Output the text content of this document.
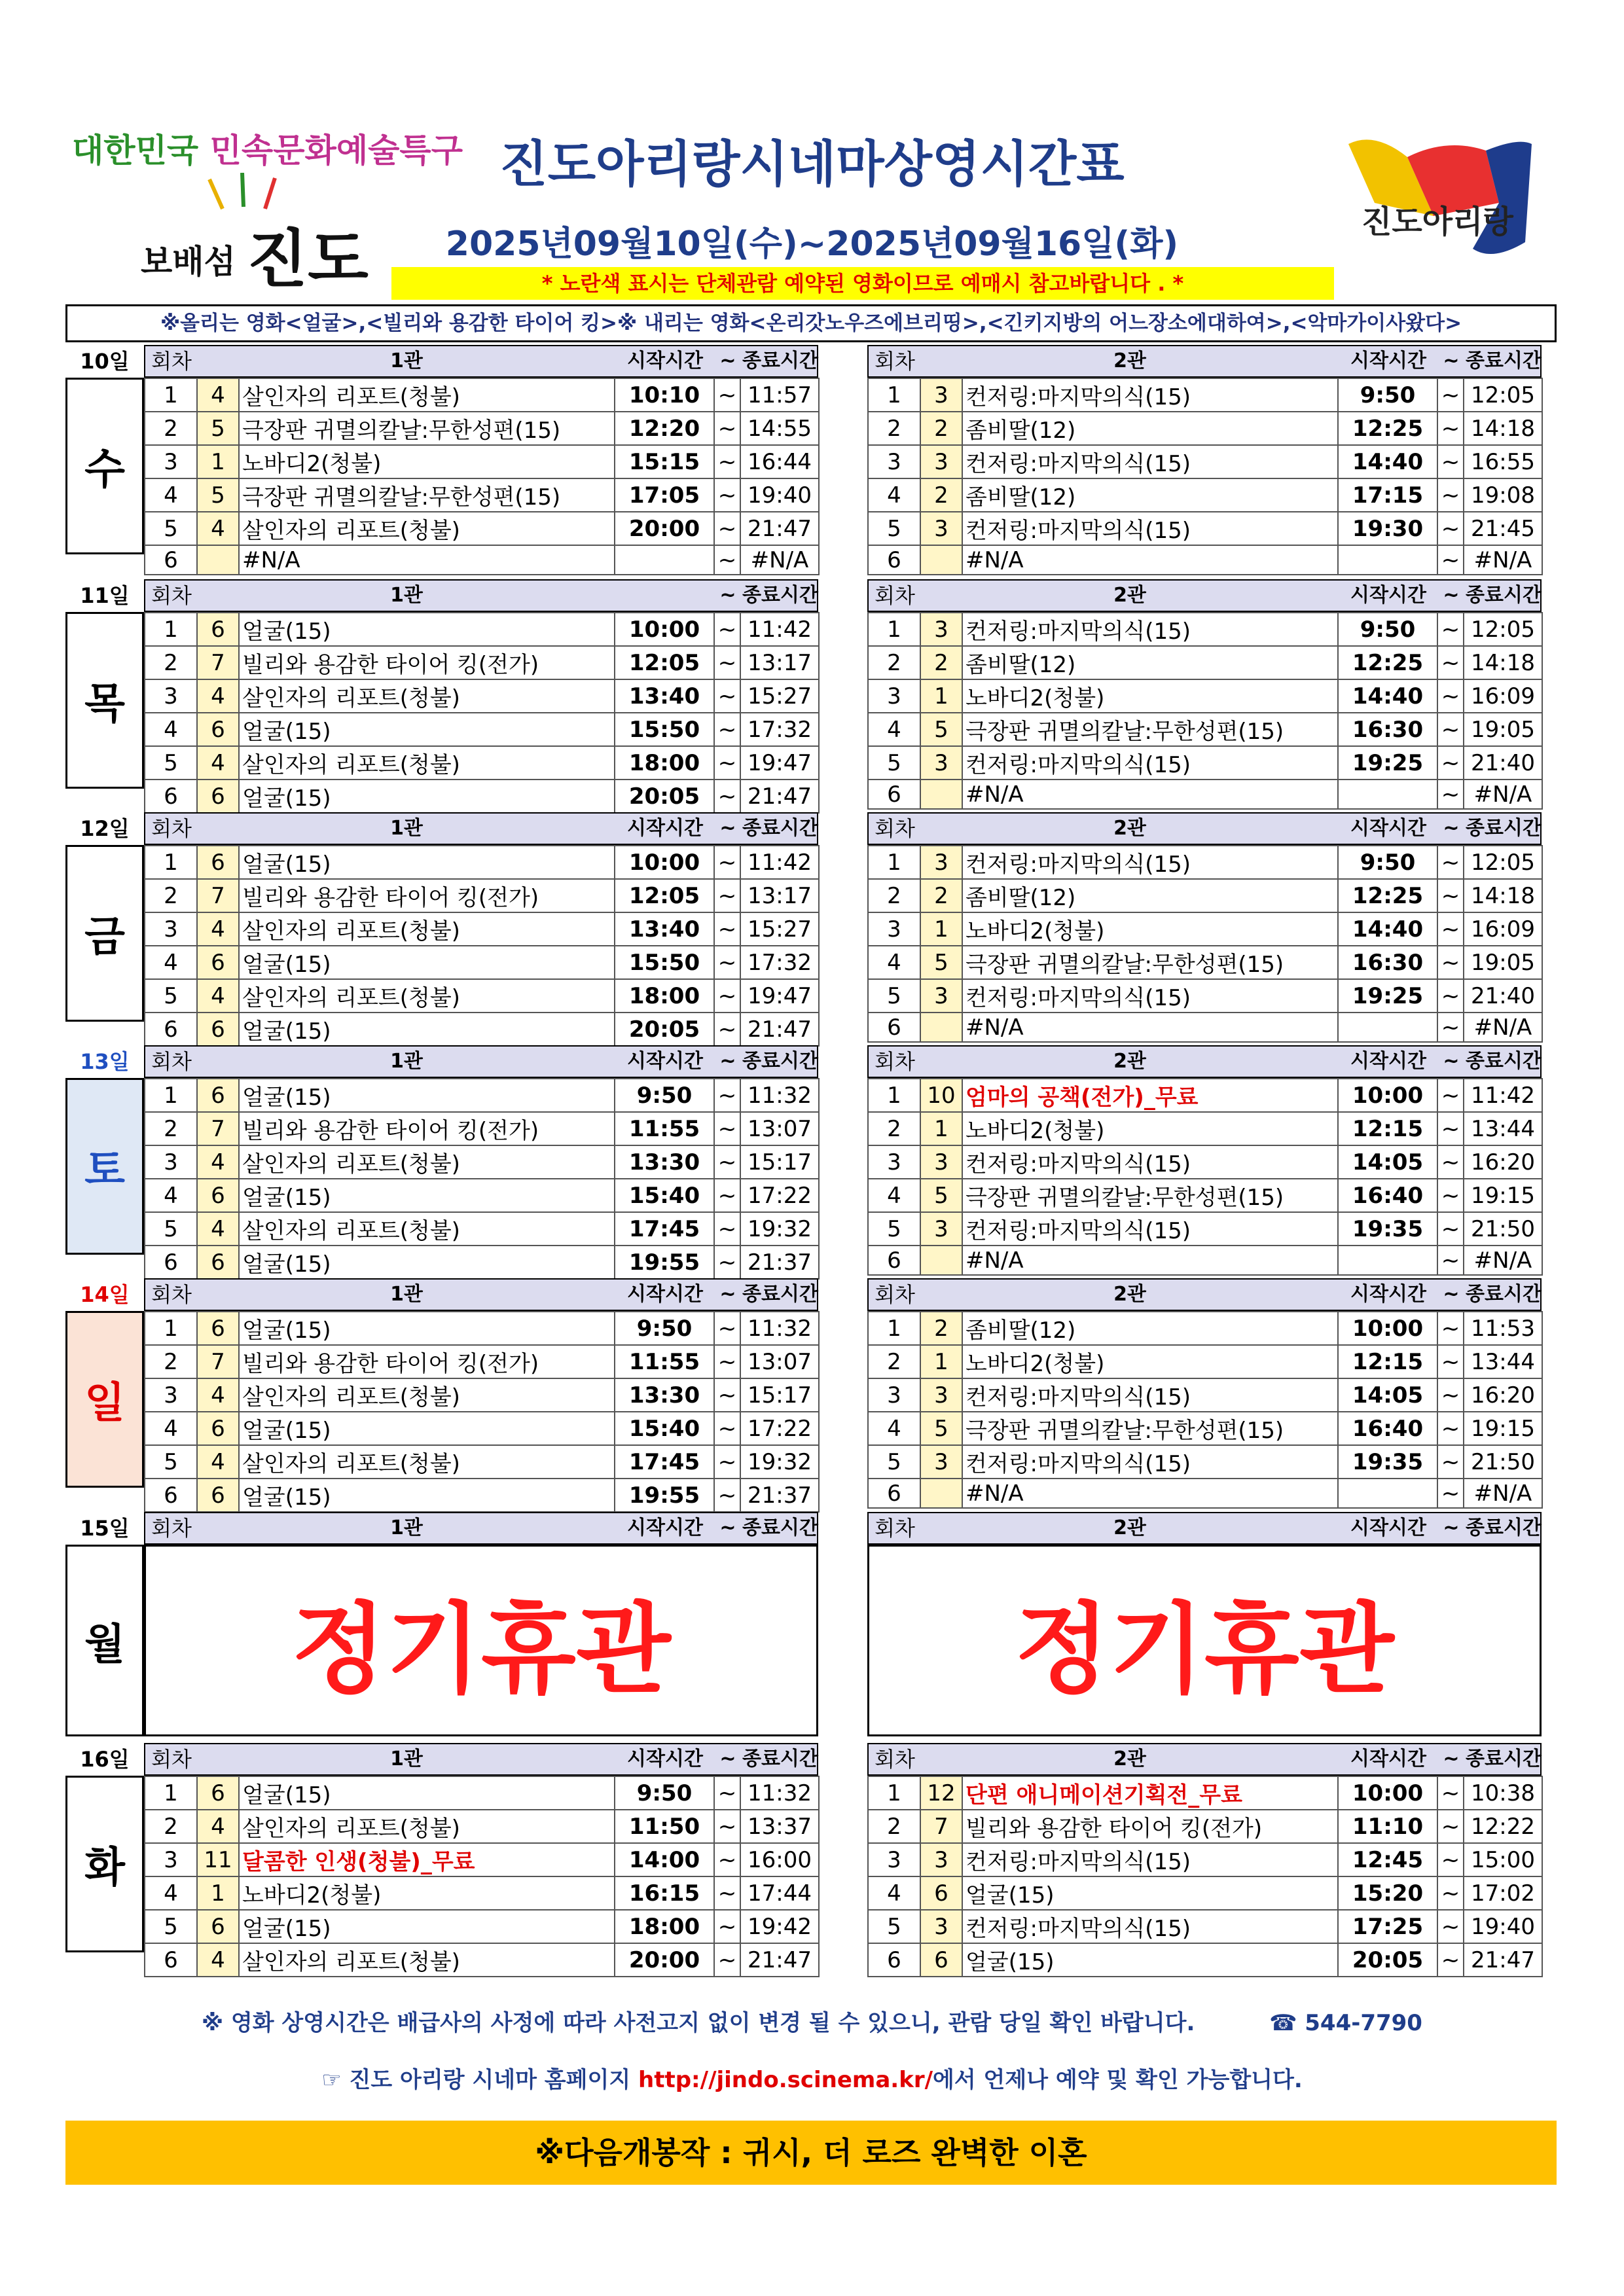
대한민국 민속문화예술특구
보배섬 진도
진도아리랑
진도아리랑시네마상영시간표
2025년09월10일(수)~2025년09월16일(화)
* 노란색 표시는 단체관람 예약된 영화이므로 예매시 참고바랍니다 . *
※올리는 영화<얼굴>,<빌리와 용감한 타이어 킹>※ 내리는 영화<온리갓노우즈에브리띵>,<긴키지방의 어느장소에대하여>,<악마가이사왔다>
10일	회차	1관	시작시간 ~ 종료시간	회차	2관	시작시간 ~ 종료시간
수
1	4	살인자의 리포트(청불)	10:10	~	11:57
2	5	극장판 귀멸의칼날:무한성편(15)	12:20	~	14:55
3	1	노바디2(청불)	15:15	~	16:44
4	5	극장판 귀멸의칼날:무한성편(15)	17:05	~	19:40
5	4	살인자의 리포트(청불)	20:00	~	21:47
6		#N/A		~	#N/A
1	3	컨저링:마지막의식(15)	9:50	~	12:05
2	2	좀비딸(12)	12:25	~	14:18
3	3	컨저링:마지막의식(15)	14:40	~	16:55
4	2	좀비딸(12)	17:15	~	19:08
5	3	컨저링:마지막의식(15)	19:30	~	21:45
6		#N/A		~	#N/A
11일	회차	1관	~ 종료시간	회차	2관	시작시간 ~ 종료시간
목
1	6	얼굴(15)	10:00	~	11:42
2	7	빌리와 용감한 타이어 킹(전가)	12:05	~	13:17
3	4	살인자의 리포트(청불)	13:40	~	15:27
4	6	얼굴(15)	15:50	~	17:32
5	4	살인자의 리포트(청불)	18:00	~	19:47
6	6	얼굴(15)	20:05	~	21:47
1	3	컨저링:마지막의식(15)	9:50	~	12:05
2	2	좀비딸(12)	12:25	~	14:18
3	1	노바디2(청불)	14:40	~	16:09
4	5	극장판 귀멸의칼날:무한성편(15)	16:30	~	19:05
5	3	컨저링:마지막의식(15)	19:25	~	21:40
6		#N/A		~	#N/A
12일	회차	1관	시작시간 ~ 종료시간	회차	2관	시작시간 ~ 종료시간
금
1	6	얼굴(15)	10:00	~	11:42
2	7	빌리와 용감한 타이어 킹(전가)	12:05	~	13:17
3	4	살인자의 리포트(청불)	13:40	~	15:27
4	6	얼굴(15)	15:50	~	17:32
5	4	살인자의 리포트(청불)	18:00	~	19:47
6	6	얼굴(15)	20:05	~	21:47
1	3	컨저링:마지막의식(15)	9:50	~	12:05
2	2	좀비딸(12)	12:25	~	14:18
3	1	노바디2(청불)	14:40	~	16:09
4	5	극장판 귀멸의칼날:무한성편(15)	16:30	~	19:05
5	3	컨저링:마지막의식(15)	19:25	~	21:40
6		#N/A		~	#N/A
13일	회차	1관	시작시간 ~ 종료시간	회차	2관	시작시간 ~ 종료시간
토
1	6	얼굴(15)	9:50	~	11:32
2	7	빌리와 용감한 타이어 킹(전가)	11:55	~	13:07
3	4	살인자의 리포트(청불)	13:30	~	15:17
4	6	얼굴(15)	15:40	~	17:22
5	4	살인자의 리포트(청불)	17:45	~	19:32
6	6	얼굴(15)	19:55	~	21:37
1	10	엄마의 공책(전가)_무료	10:00	~	11:42
2	1	노바디2(청불)	12:15	~	13:44
3	3	컨저링:마지막의식(15)	14:05	~	16:20
4	5	극장판 귀멸의칼날:무한성편(15)	16:40	~	19:15
5	3	컨저링:마지막의식(15)	19:35	~	21:50
6		#N/A		~	#N/A
14일	회차	1관	시작시간 ~ 종료시간	회차	2관	시작시간 ~ 종료시간
일
1	6	얼굴(15)	9:50	~	11:32
2	7	빌리와 용감한 타이어 킹(전가)	11:55	~	13:07
3	4	살인자의 리포트(청불)	13:30	~	15:17
4	6	얼굴(15)	15:40	~	17:22
5	4	살인자의 리포트(청불)	17:45	~	19:32
6	6	얼굴(15)	19:55	~	21:37
1	2	좀비딸(12)	10:00	~	11:53
2	1	노바디2(청불)	12:15	~	13:44
3	3	컨저링:마지막의식(15)	14:05	~	16:20
4	5	극장판 귀멸의칼날:무한성편(15)	16:40	~	19:15
5	3	컨저링:마지막의식(15)	19:35	~	21:50
6		#N/A		~	#N/A
15일	회차	1관	시작시간 ~ 종료시간	회차	2관	시작시간 ~ 종료시간
월	정기휴관	정기휴관
16일	회차	1관	시작시간 ~ 종료시간	회차	2관	시작시간 ~ 종료시간
화
1	6	얼굴(15)	9:50	~	11:32
2	4	살인자의 리포트(청불)	11:50	~	13:37
3	11	달콤한 인생(청불)_무료	14:00	~	16:00
4	1	노바디2(청불)	16:15	~	17:44
5	6	얼굴(15)	18:00	~	19:42
6	4	살인자의 리포트(청불)	20:00	~	21:47
1	12	단편 애니메이션기획전_무료	10:00	~	10:38
2	7	빌리와 용감한 타이어 킹(전가)	11:10	~	12:22
3	3	컨저링:마지막의식(15)	12:45	~	15:00
4	6	얼굴(15)	15:20	~	17:02
5	3	컨저링:마지막의식(15)	17:25	~	19:40
6	6	얼굴(15)	20:05	~	21:47
※ 영화 상영시간은 배급사의 사정에 따라 사전고지 없이 변경 될 수 있으니, 관람 당일 확인 바랍니다.	☎ 544-7790
☞ 진도 아리랑 시네마 홈페이지 http://jindo.scinema.kr/에서 언제나 예약 및 확인 가능합니다.
※다음개봉작 : 귀시, 더 로즈 완벽한 이혼
